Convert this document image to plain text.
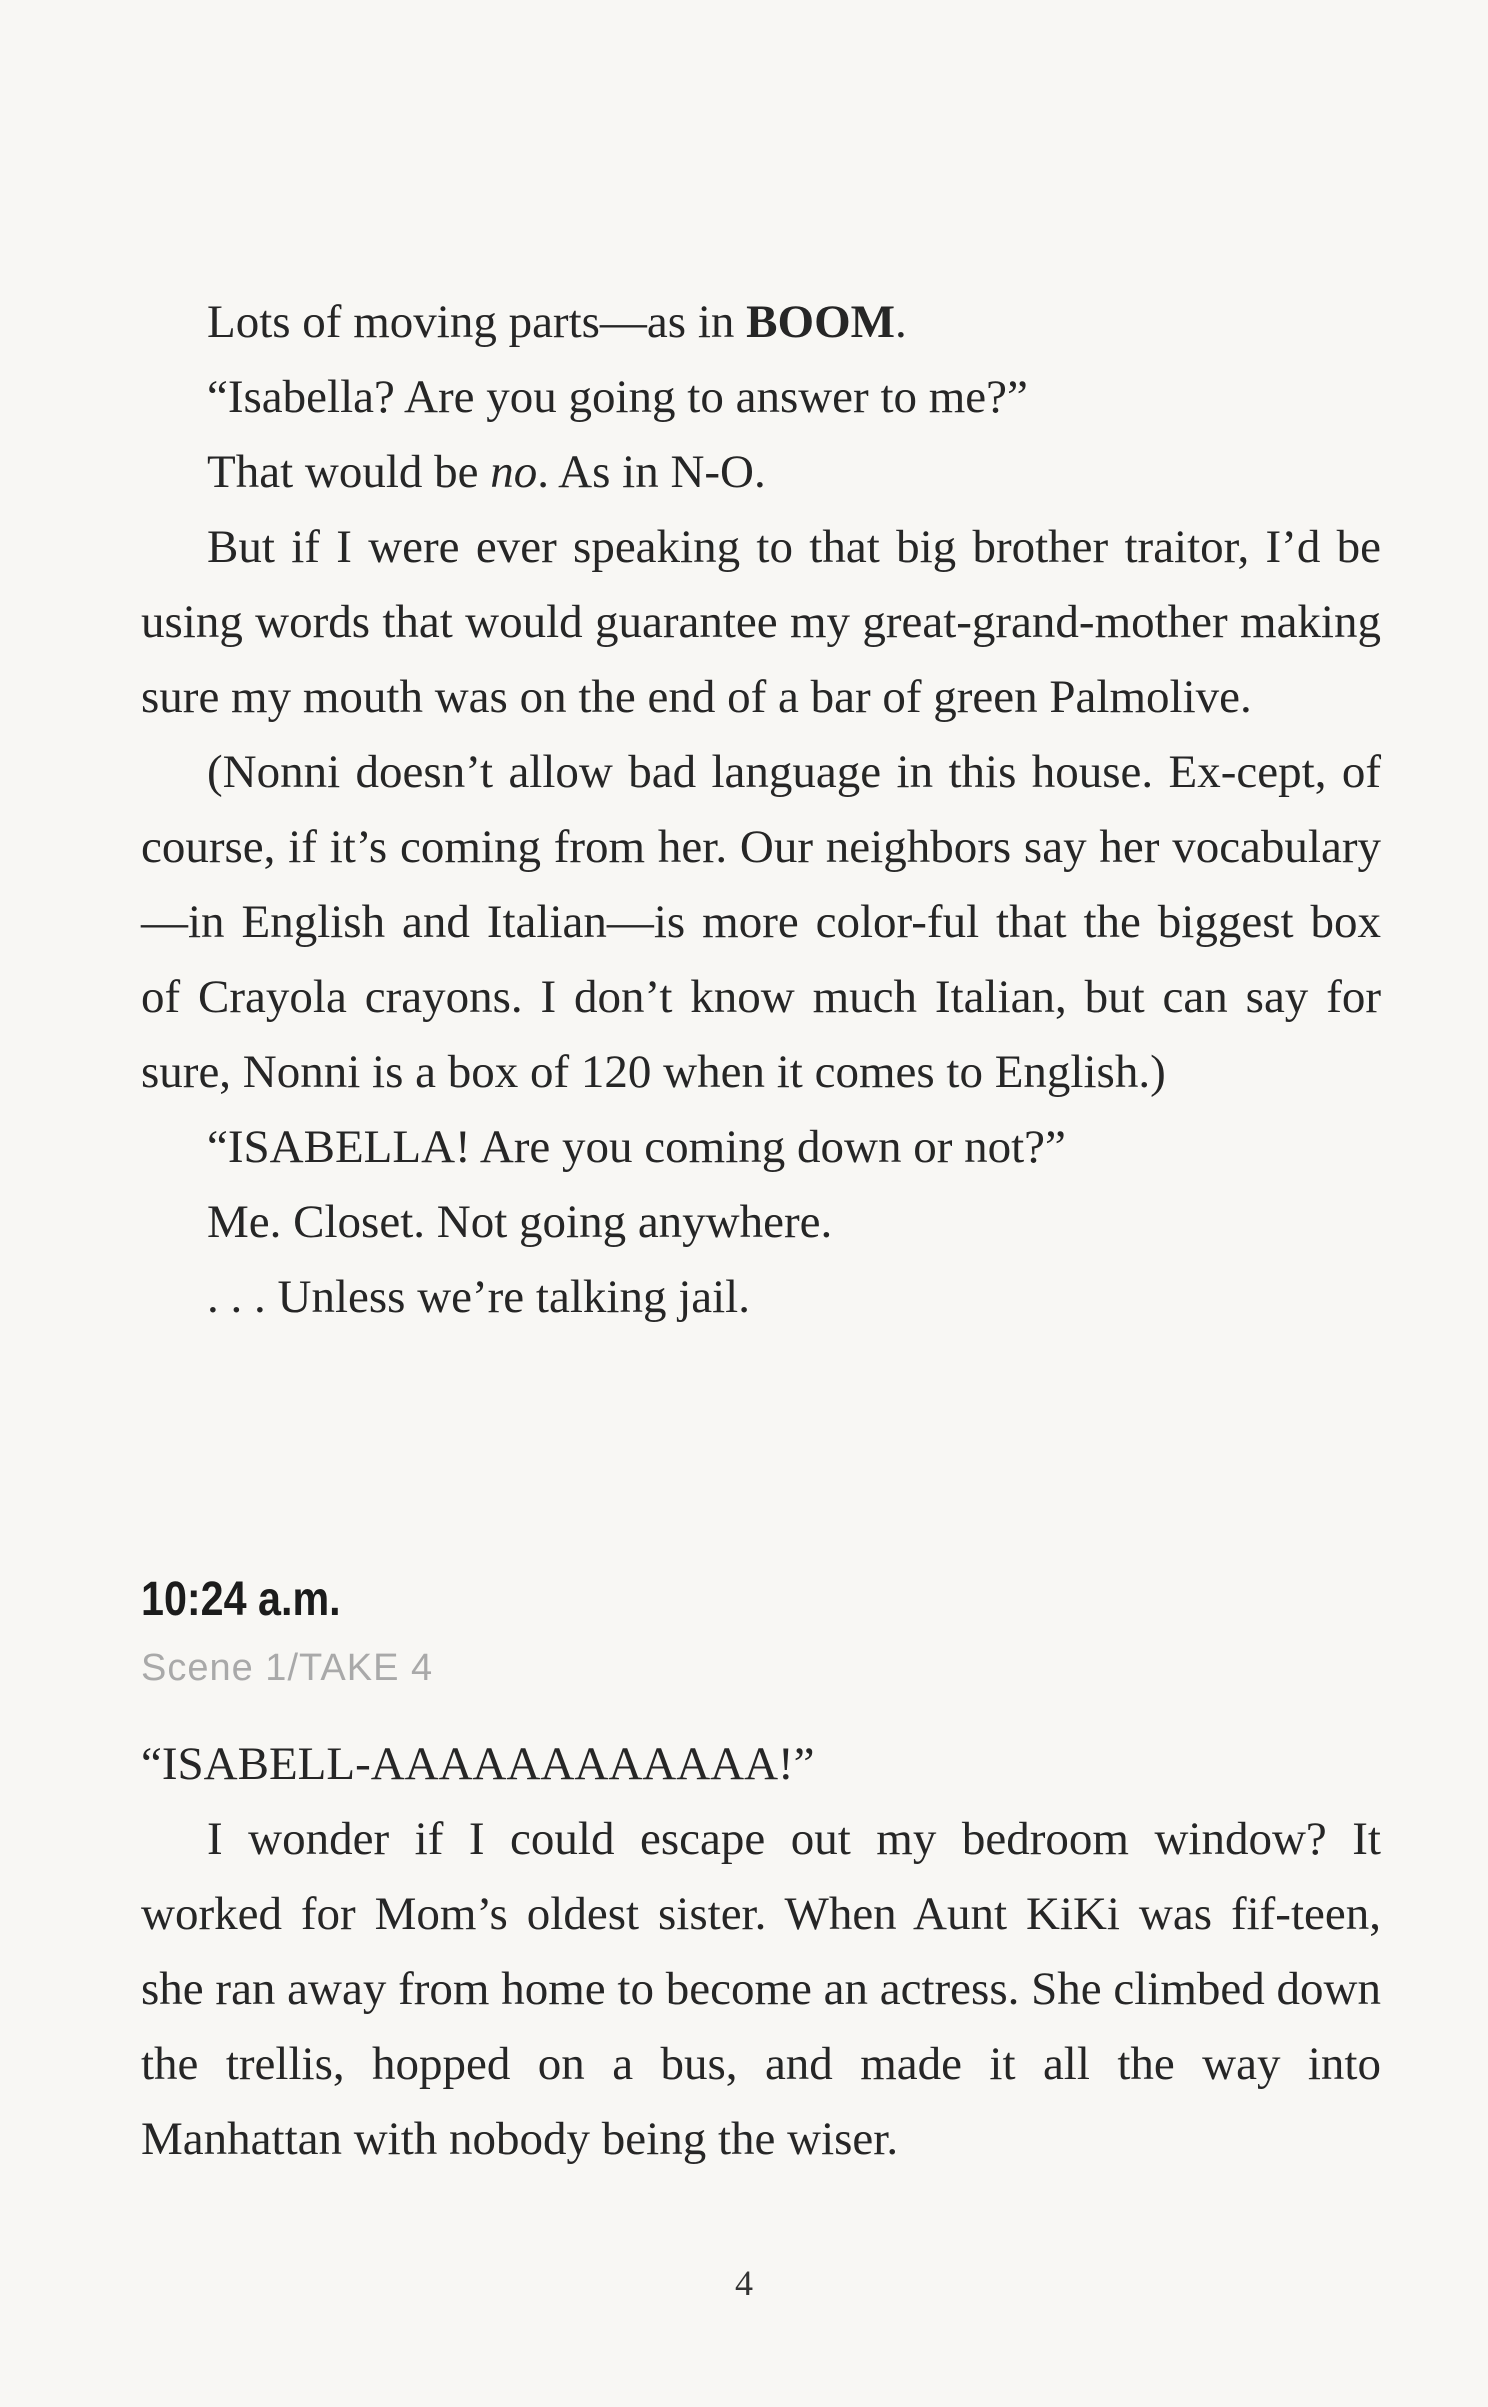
Lots of moving parts—as in BOOM.

“Isabella? Are you going to answer to me?”

That would be no. As in N-O.

But if I were ever speaking to that big brother traitor, I’d be using words that would guarantee my great-grand-mother making sure my mouth was on the end of a bar of green Palmolive.

(Nonni doesn’t allow bad language in this house. Ex-cept, of course, if it’s coming from her. Our neighbors say her vocabulary—in English and Italian—is more color-ful that the biggest box of Crayola crayons. I don’t know much Italian, but can say for sure, Nonni is a box of 120 when it comes to English.)

“ISABELLA! Are you coming down or not?”

Me. Closet. Not going anywhere.

. . . Unless we’re talking jail.

10:24 a.m.
Scene 1/TAKE 4

“ISABELL-AAAAAAAAAAAA!”

I wonder if I could escape out my bedroom window? It worked for Mom’s oldest sister. When Aunt KiKi was fif-teen, she ran away from home to become an actress. She climbed down the trellis, hopped on a bus, and made it all the way into Manhattan with nobody being the wiser.

4
